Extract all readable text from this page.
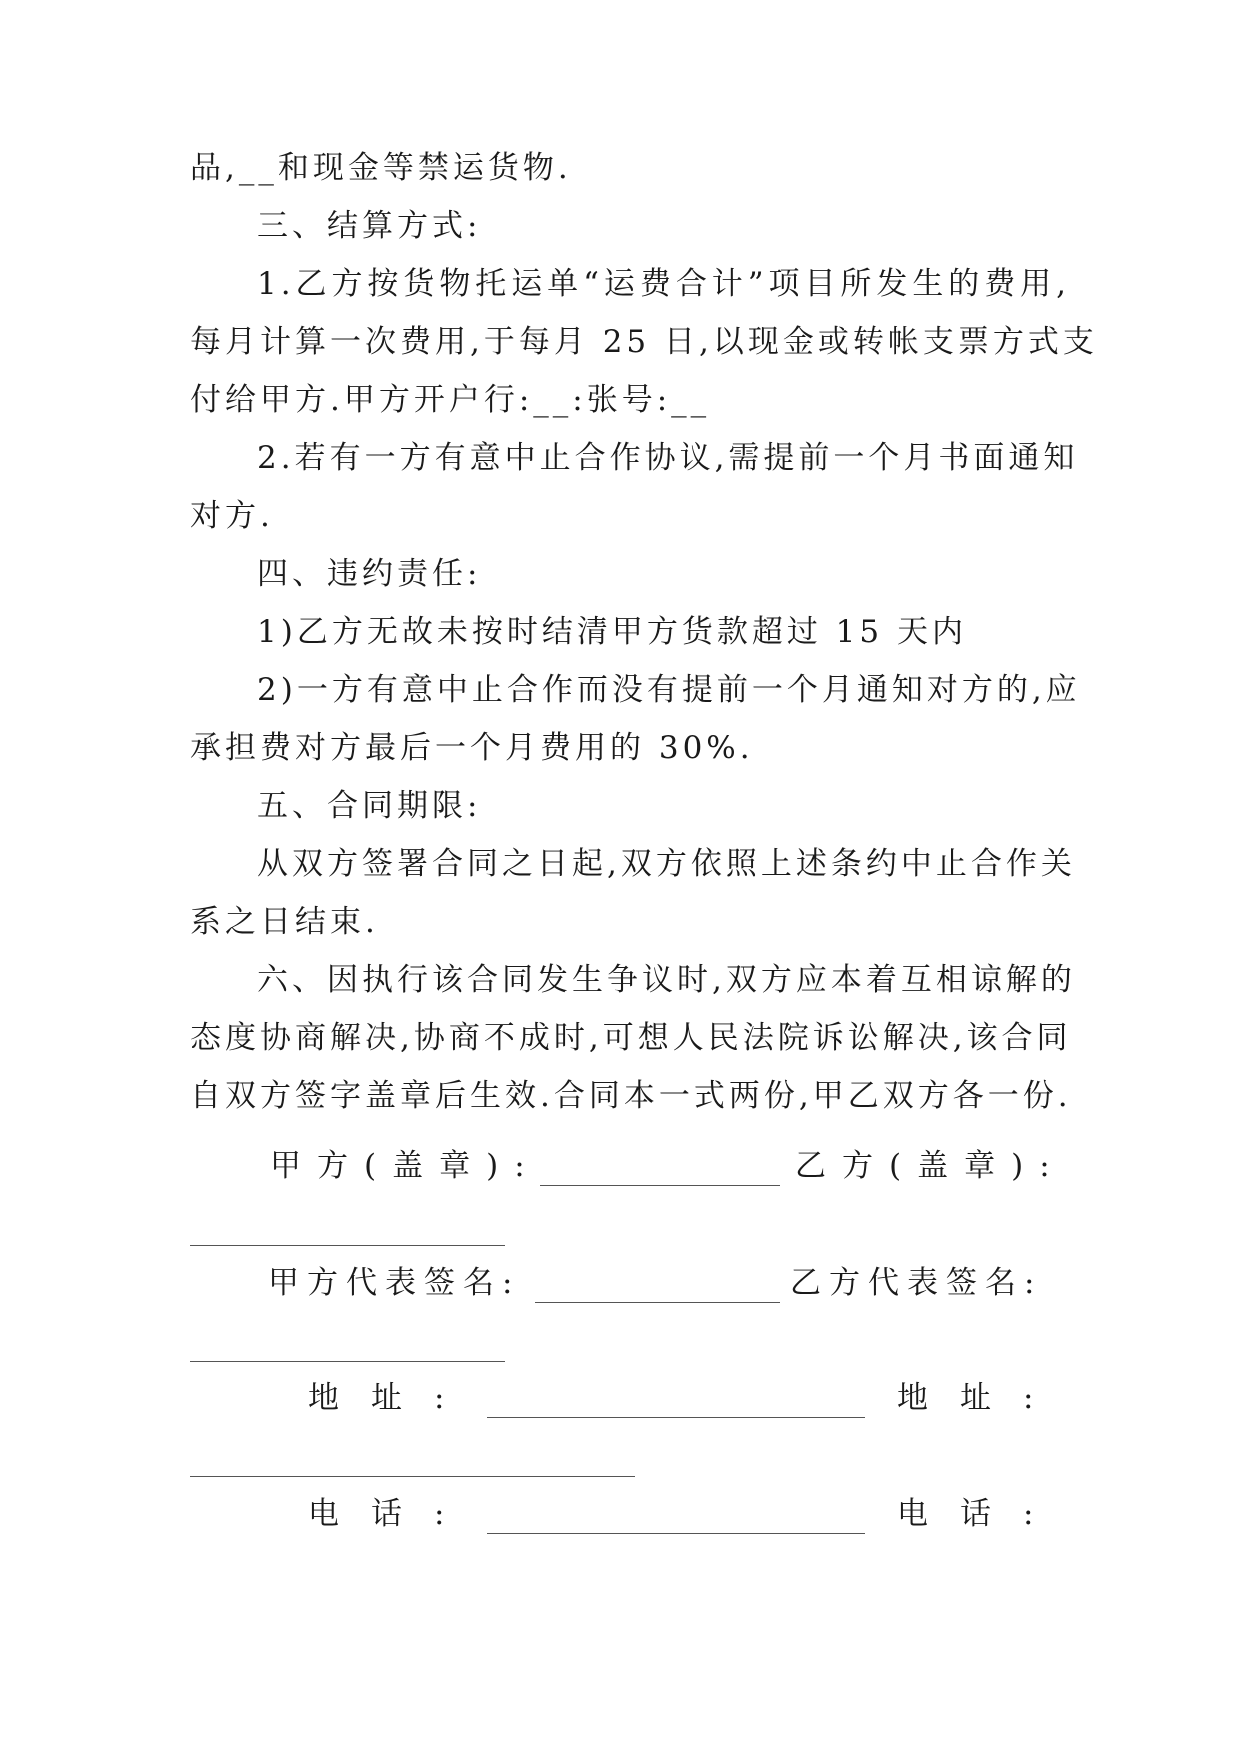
品,__和现金等禁运货物.
三、结算方式:
1.乙方按货物托运单“运费合计”项目所发生的费用,
每月计算一次费用,于每月 25 日,以现金或转帐支票方式支
付给甲方.甲方开户行:__:张号:__
2.若有一方有意中止合作协议,需提前一个月书面通知
对方.
四、违约责任:
1)乙方无故未按时结清甲方货款超过 15 天内
2)一方有意中止合作而没有提前一个月通知对方的,应
承担费对方最后一个月费用的 30%.
五、合同期限:
从双方签署合同之日起,双方依照上述条约中止合作关
系之日结束.
六、因执行该合同发生争议时,双方应本着互相谅解的
态度协商解决,协商不成时,可想人民法院诉讼解决,该合同
自双方签字盖章后生效.合同本一式两份,甲乙双方各一份.
甲方(盖章):	乙方(盖章):
甲方代表签名:	乙方代表签名:
地址:	地址:
电话:	电话:
